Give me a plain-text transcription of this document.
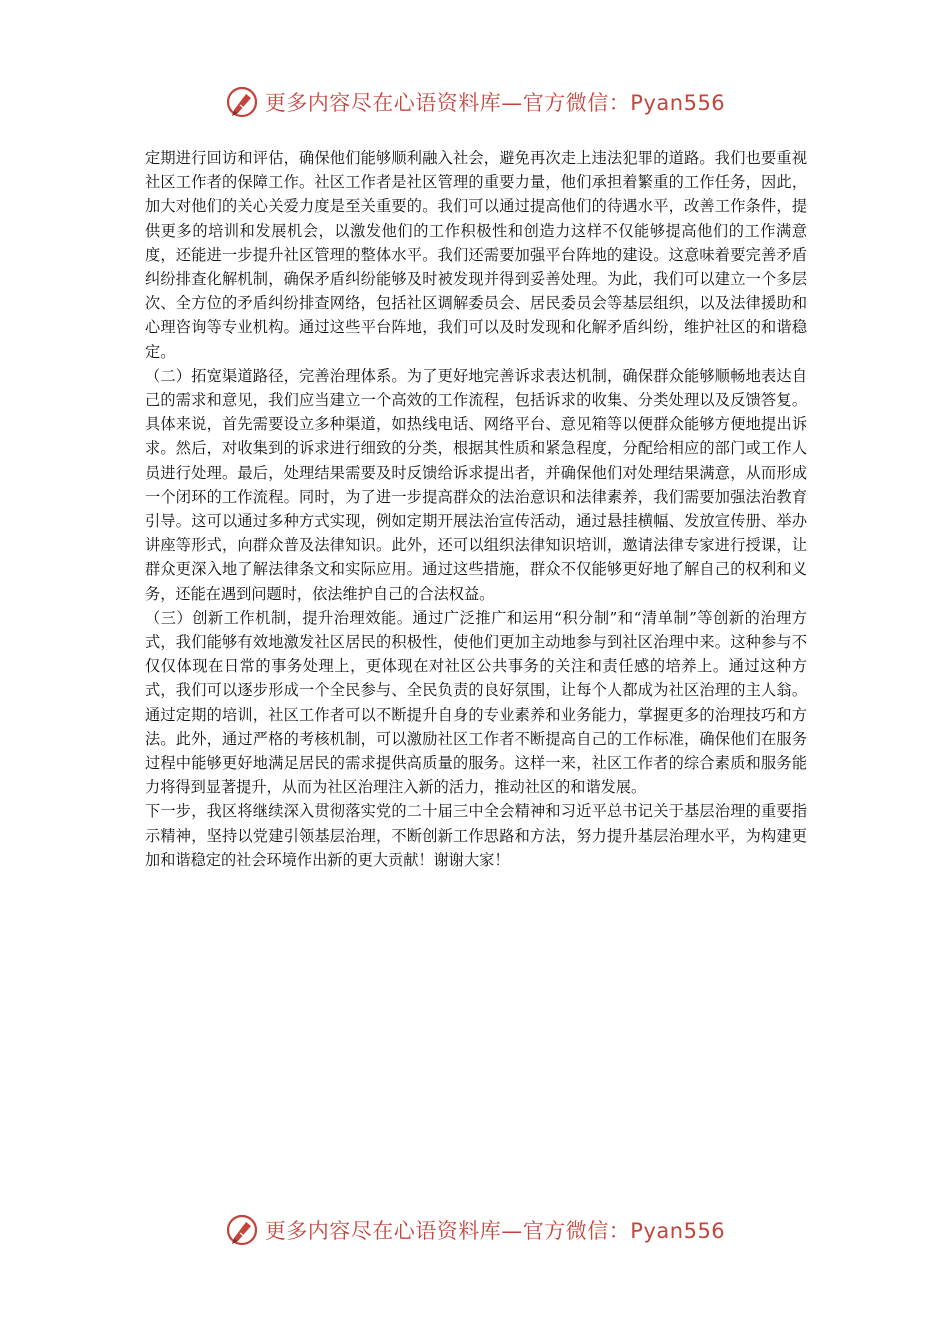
更多内容尽在心语资料库—官方微信：Pyan556

定期进行回访和评估，确保他们能够顺利融入社会，避免再次走上违法犯罪的道路。我们也要重视社区工作者的保障工作。社区工作者是社区管理的重要力量，他们承担着繁重的工作任务，因此，加大对他们的关心关爱力度是至关重要的。我们可以通过提高他们的待遇水平，改善工作条件，提供更多的培训和发展机会，以激发他们的工作积极性和创造力这样不仅能够提高他们的工作满意度，还能进一步提升社区管理的整体水平。我们还需要加强平台阵地的建设。这意味着要完善矛盾纠纷排查化解机制，确保矛盾纠纷能够及时被发现并得到妥善处理。为此，我们可以建立一个多层次、全方位的矛盾纠纷排查网络，包括社区调解委员会、居民委员会等基层组织，以及法律援助和心理咨询等专业机构。通过这些平台阵地，我们可以及时发现和化解矛盾纠纷，维护社区的和谐稳定。

（二）拓宽渠道路径，完善治理体系。为了更好地完善诉求表达机制，确保群众能够顺畅地表达自己的需求和意见，我们应当建立一个高效的工作流程，包括诉求的收集、分类处理以及反馈答复。具体来说，首先需要设立多种渠道，如热线电话、网络平台、意见箱等以便群众能够方便地提出诉求。然后，对收集到的诉求进行细致的分类，根据其性质和紧急程度，分配给相应的部门或工作人员进行处理。最后，处理结果需要及时反馈给诉求提出者，并确保他们对处理结果满意，从而形成一个闭环的工作流程。同时，为了进一步提高群众的法治意识和法律素养，我们需要加强法治教育引导。这可以通过多种方式实现，例如定期开展法治宣传活动，通过悬挂横幅、发放宣传册、举办讲座等形式，向群众普及法律知识。此外，还可以组织法律知识培训，邀请法律专家进行授课，让群众更深入地了解法律条文和实际应用。通过这些措施，群众不仅能够更好地了解自己的权利和义务，还能在遇到问题时，依法维护自己的合法权益。

（三）创新工作机制，提升治理效能。通过广泛推广和运用“积分制”和“清单制”等创新的治理方式，我们能够有效地激发社区居民的积极性，使他们更加主动地参与到社区治理中来。这种参与不仅仅体现在日常的事务处理上，更体现在对社区公共事务的关注和责任感的培养上。通过这种方式，我们可以逐步形成一个全民参与、全民负责的良好氛围，让每个人都成为社区治理的主人翁。通过定期的培训，社区工作者可以不断提升自身的专业素养和业务能力，掌握更多的治理技巧和方法。此外，通过严格的考核机制，可以激励社区工作者不断提高自己的工作标准，确保他们在服务过程中能够更好地满足居民的需求提供高质量的服务。这样一来，社区工作者的综合素质和服务能力将得到显著提升，从而为社区治理注入新的活力，推动社区的和谐发展。

下一步，我区将继续深入贯彻落实党的二十届三中全会精神和习近平总书记关于基层治理的重要指示精神，坚持以党建引领基层治理，不断创新工作思路和方法，努力提升基层治理水平，为构建更加和谐稳定的社会环境作出新的更大贡献！谢谢大家！

更多内容尽在心语资料库—官方微信：Pyan556
